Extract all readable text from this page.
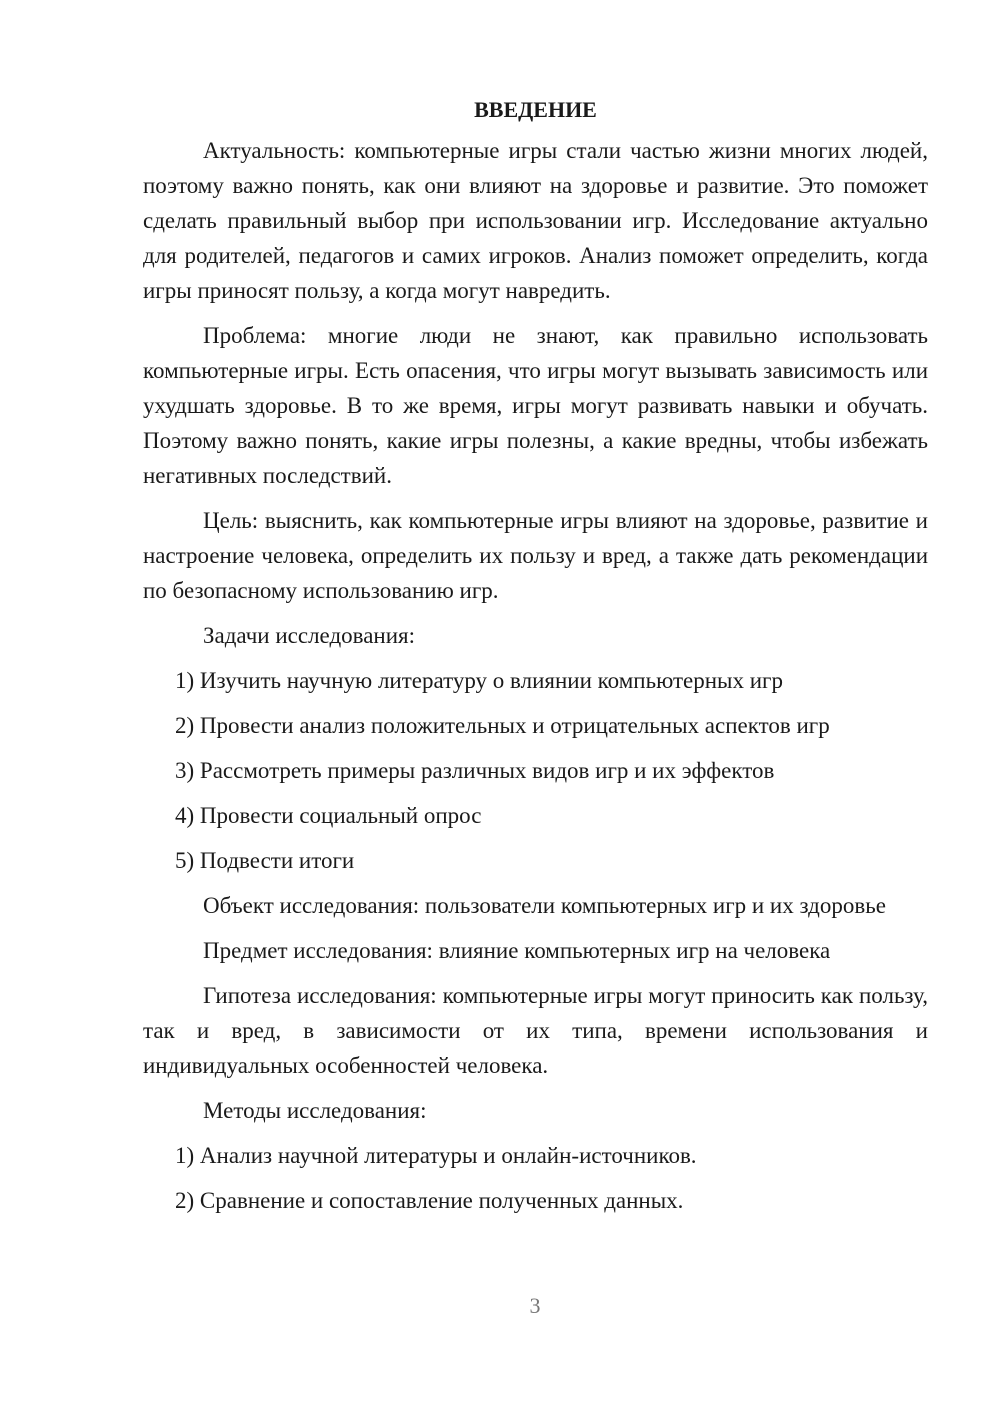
ВВЕДЕНИЕ

Актуальность: компьютерные игры стали частью жизни многих людей, поэтому важно понять, как они влияют на здоровье и развитие. Это поможет сделать правильный выбор при использовании игр. Исследование актуально для родителей, педагогов и самих игроков. Анализ поможет определить, когда игры приносят пользу, а когда могут навредить.

Проблема: многие люди не знают, как правильно использовать компьютерные игры. Есть опасения, что игры могут вызывать зависимость или ухудшать здоровье. В то же время, игры могут развивать навыки и обучать. Поэтому важно понять, какие игры полезны, а какие вредны, чтобы избежать негативных последствий.

Цель: выяснить, как компьютерные игры влияют на здоровье, развитие и настроение человека, определить их пользу и вред, а также дать рекомендации по безопасному использованию игр.

Задачи исследования:
1) Изучить научную литературу о влиянии компьютерных игр
2) Провести анализ положительных и отрицательных аспектов игр
3) Рассмотреть примеры различных видов игр и их эффектов
4) Провести социальный опрос
5) Подвести итоги

Объект исследования: пользователи компьютерных игр и их здоровье

Предмет исследования: влияние компьютерных игр на человека

Гипотеза исследования: компьютерные игры могут приносить как пользу, так и вред, в зависимости от их типа, времени использования и индивидуальных особенностей человека.

Методы исследования:
1) Анализ научной литературы и онлайн-источников.
2) Сравнение и сопоставление полученных данных.
3
